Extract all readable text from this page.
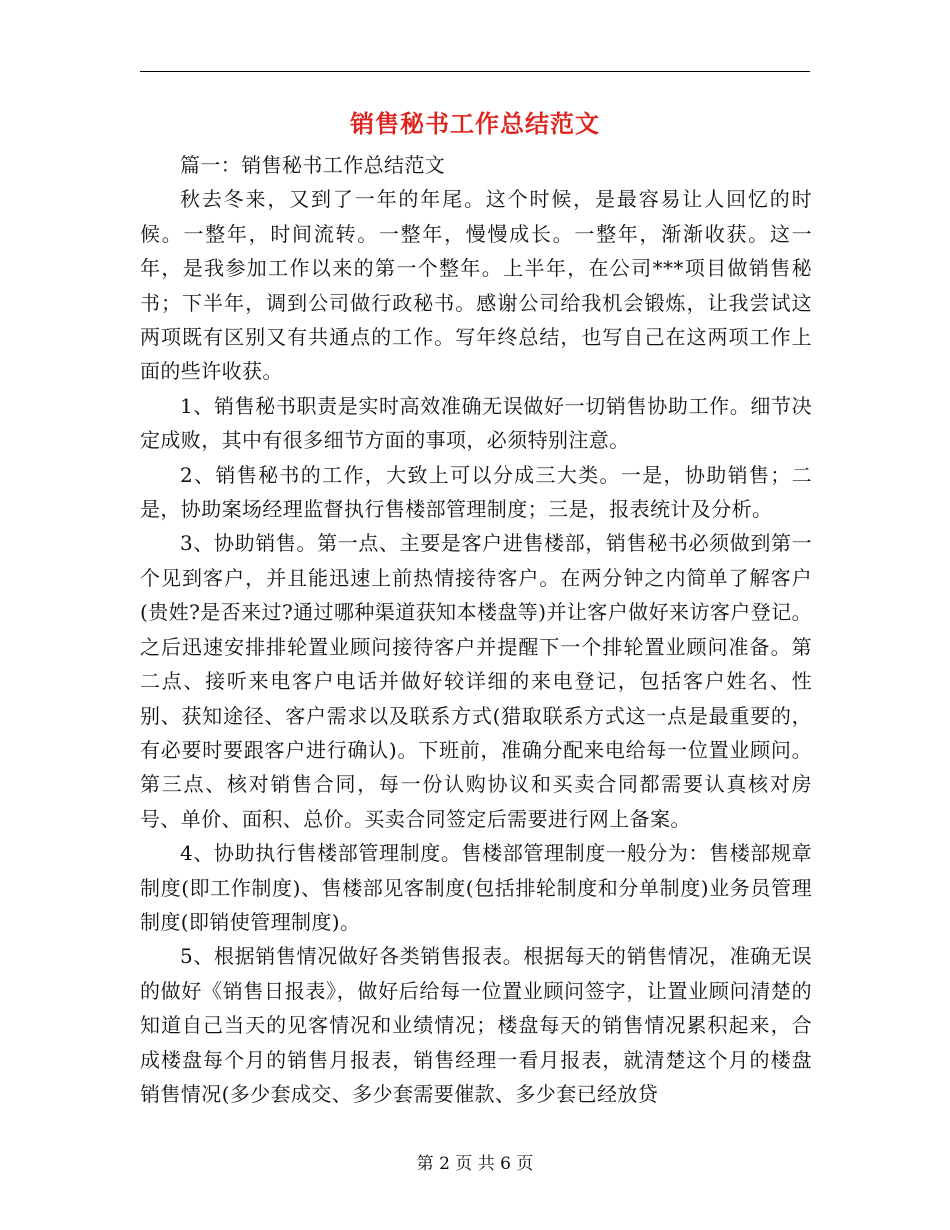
销售秘书工作总结范文

篇一：销售秘书工作总结范文

秋去冬来，又到了一年的年尾。这个时候，是最容易让人回忆的时候。一整年，时间流转。一整年，慢慢成长。一整年，渐渐收获。这一年，是我参加工作以来的第一个整年。上半年，在公司***项目做销售秘书；下半年，调到公司做行政秘书。感谢公司给我机会锻炼，让我尝试这两项既有区别又有共通点的工作。写年终总结，也写自己在这两项工作上面的些许收获。

1、销售秘书职责是实时高效准确无误做好一切销售协助工作。细节决定成败，其中有很多细节方面的事项，必须特别注意。

2、销售秘书的工作，大致上可以分成三大类。一是，协助销售；二是，协助案场经理监督执行售楼部管理制度；三是，报表统计及分析。

3、协助销售。第一点、主要是客户进售楼部，销售秘书必须做到第一个见到客户，并且能迅速上前热情接待客户。在两分钟之内简单了解客户(贵姓?是否来过?通过哪种渠道获知本楼盘等)并让客户做好来访客户登记。之后迅速安排排轮置业顾问接待客户并提醒下一个排轮置业顾问准备。第二点、接听来电客户电话并做好较详细的来电登记，包括客户姓名、性别、获知途径、客户需求以及联系方式(猎取联系方式这一点是最重要的，有必要时要跟客户进行确认)。下班前，准确分配来电给每一位置业顾问。第三点、核对销售合同，每一份认购协议和买卖合同都需要认真核对房号、单价、面积、总价。买卖合同签定后需要进行网上备案。

4、协助执行售楼部管理制度。售楼部管理制度一般分为：售楼部规章制度(即工作制度)、售楼部见客制度(包括排轮制度和分单制度)业务员管理制度(即销使管理制度)。

5、根据销售情况做好各类销售报表。根据每天的销售情况，准确无误的做好《销售日报表》，做好后给每一位置业顾问签字，让置业顾问清楚的知道自己当天的见客情况和业绩情况；楼盘每天的销售情况累积起来，合成楼盘每个月的销售月报表，销售经理一看月报表，就清楚这个月的楼盘销售情况(多少套成交、多少套需要催款、多少套已经放贷

第 2 页 共 6 页
